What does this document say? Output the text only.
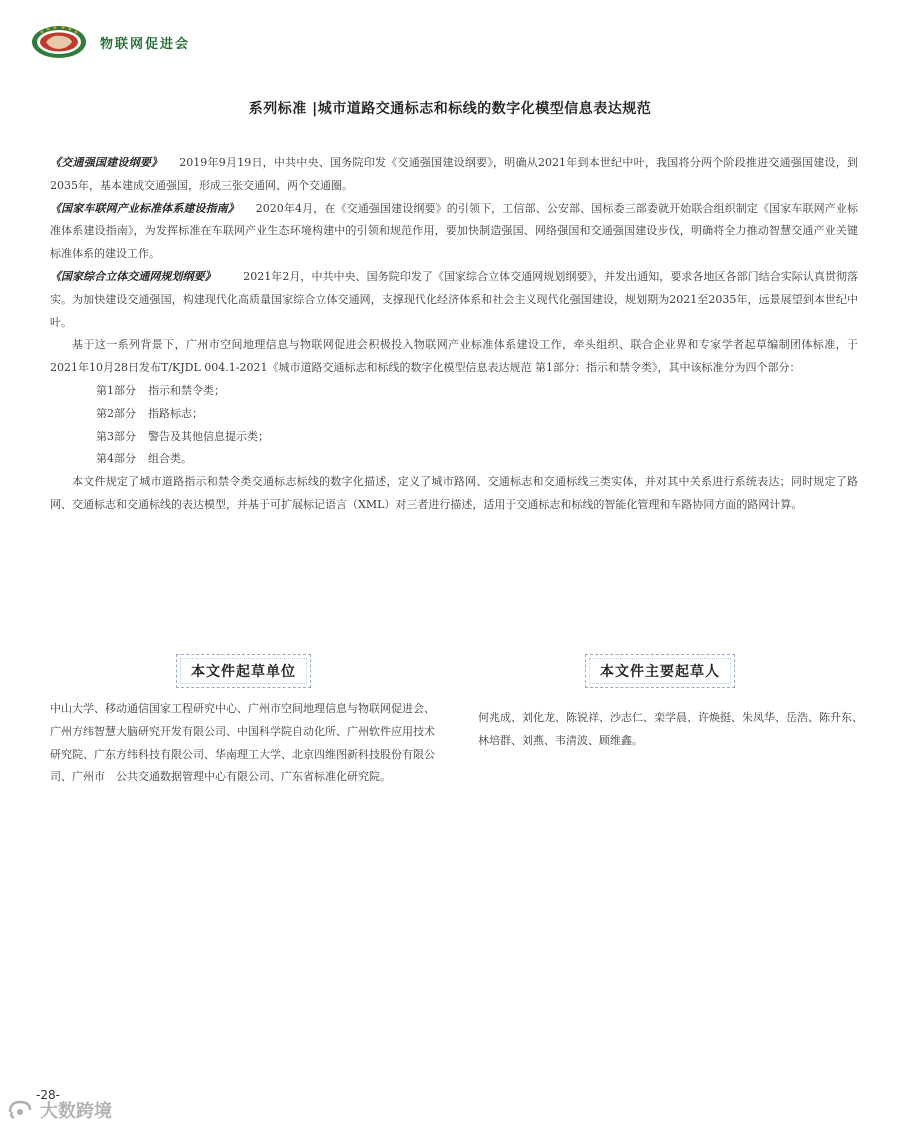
物联网促进会
系列标准 |城市道路交通标志和标线的数字化模型信息表达规范

《交通强国建设纲要》　　 2019年9月19日，中共中央、国务院印发《交通强国建设纲要》，明确从2021年到本世纪中叶，我国将分两个阶段推进交通强国建设，到2035年，基本建成交通强国，形成三张交通网、两个交通圈。

《国家车联网产业标准体系建设指南》　　 2020年4月，在《交通强国建设纲要》的引领下，工信部、公安部、国标委三部委就开始联合组织制定《国家车联网产业标准体系建设指南》，为发挥标准在车联网产业生态环境构建中的引领和规范作用，要加快制造强国、网络强国和交通强国建设步伐，明确将全力推动智慧交通产业关键标准体系的建设工作。

《国家综合立体交通网规划纲要》　　　	2021年2月，中共中央、国务院印发了《国家综合立体交通网规划纲要》，并发出通知，要求各地区各部门结合实际认真贯彻落实。为加快建设交通强国，构建现代化高质量国家综合立体交通网，支撑现代化经济体系和社会主义现代化强国建设，规划期为2021至2035年，远景展望到本世纪中叶。

基于这一系列背景下，广州市空间地理信息与物联网促进会积极投入物联网产业标准体系建设工作，牵头组织、联合企业界和专家学者起草编制团体标准，于2021年10月28日发布T/KJDL 004.1-2021《城市道路交通标志和标线的数字化模型信息表达规范 第1部分：指示和禁令类》，其中该标准分为四个部分：

第1部分 指示和禁令类；

第2部分 指路标志；

第3部分 警告及其他信息提示类；

第4部分 组合类。

本文件规定了城市道路指示和禁令类交通标志标线的数字化描述，定义了城市路网、交通标志和交通标线三类实体，并对其中关系进行系统表达；同时规定了路网、交通标志和交通标线的表达模型，并基于可扩展标记语言（XML）对三者进行描述，适用于交通标志和标线的智能化管理和车路协同方面的路网计算。

本文件起草单位	本文件主要起草人
中山大学、移动通信国家工程研究中心、广州市空间地理信息与物联网促进会、广州方纬智慧大脑研究开发有限公司、中国科学院自动化所、广州软件应用技术研究院、广东方纬科技有限公司、华南理工大学、北京四维图新科技股份有限公司、广州市　公共交通数据管理中心有限公司、广东省标准化研究院。
何兆成、刘化龙、陈锐祥、沙志仁、栾学晨、许焕挺、朱凤华、岳浩、陈升东、林培群、刘燕、韦清波、顾维鑫。
-28-
大数跨境
